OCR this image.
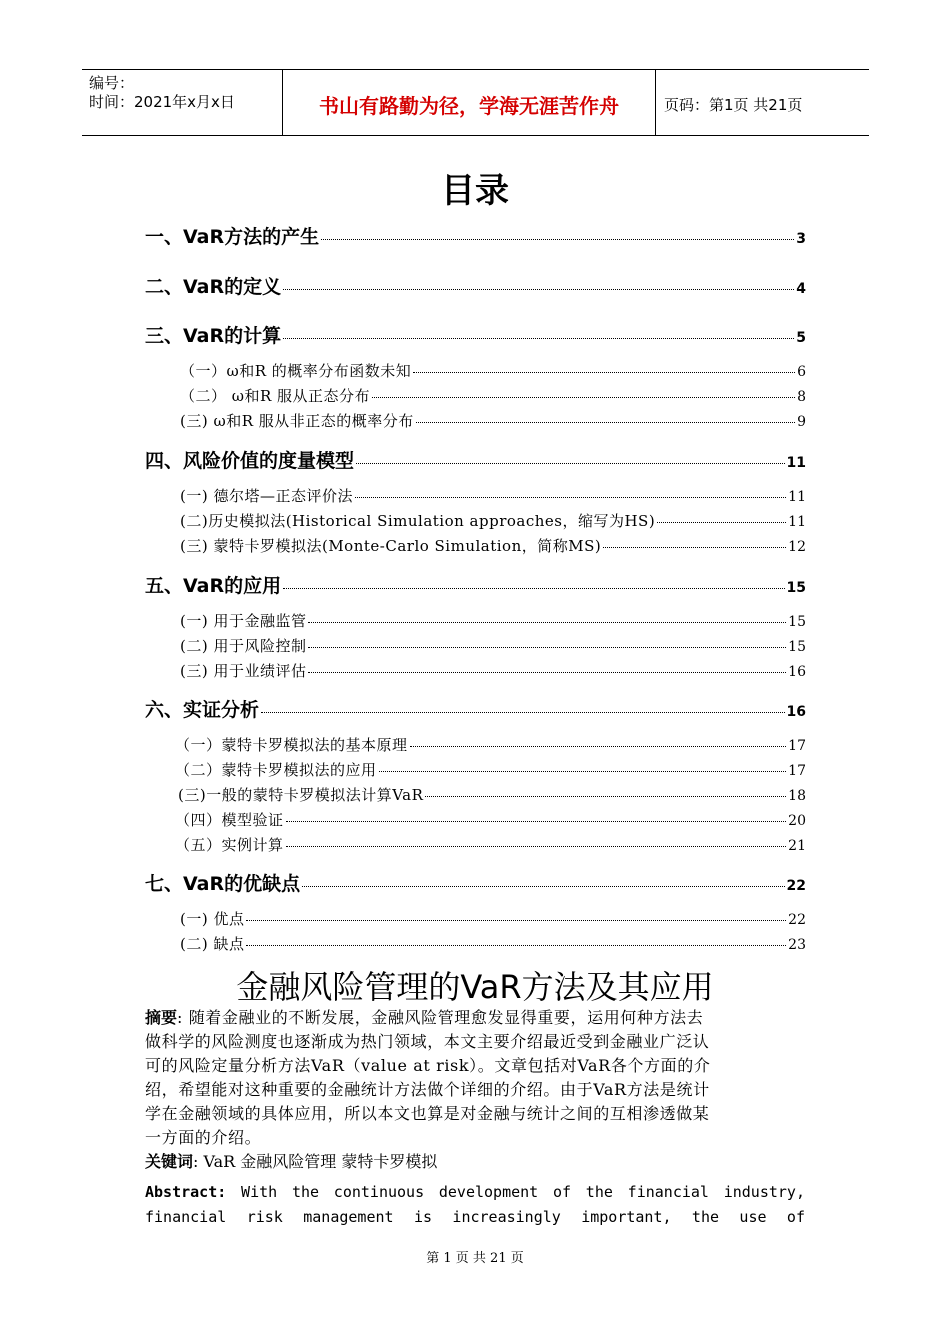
编号：
时间：2021年x月x日	书山有路勤为径，学海无涯苦作舟	页码：第1页 共21页
目录
一、VaR方法的产生	3
二、VaR的定义	4
三、VaR的计算	5
（一）ω和R 的概率分布函数未知	6
（二） ω和R 服从正态分布	8
(三) ω和R 服从非正态的概率分布	9
四、风险价值的度量模型	11
(一) 德尔塔—正态评价法	11
(二)历史模拟法(Historical Simulation approaches，缩写为HS)	11
(三) 蒙特卡罗模拟法(Monte-Carlo Simulation，简称MS)	12
五、VaR的应用	15
(一) 用于金融监管	15
(二) 用于风险控制	15
(三) 用于业绩评估	16
六、实证分析	16
（一）蒙特卡罗模拟法的基本原理	17
（二）蒙特卡罗模拟法的应用	17
(三)一般的蒙特卡罗模拟法计算VaR	18
（四）模型验证	20
（五）实例计算	21
七、VaR的优缺点	22
(一) 优点	22
(二) 缺点	23
金融风险管理的VaR方法及其应用
摘要: 随着金融业的不断发展，金融风险管理愈发显得重要，运用何种方法去
做科学的风险测度也逐渐成为热门领域，本文主要介绍最近受到金融业广泛认
可的风险定量分析方法VaR（value at risk）。文章包括对VaR各个方面的介
绍，希望能对这种重要的金融统计方法做个详细的介绍。由于VaR方法是统计
学在金融领域的具体应用，所以本文也算是对金融与统计之间的互相渗透做某
一方面的介绍。
关键词: VaR 金融风险管理 蒙特卡罗模拟
Abstract: With the continuous development of the financial industry,
financial risk management is increasingly important, the use of
第 1 页 共 21 页
